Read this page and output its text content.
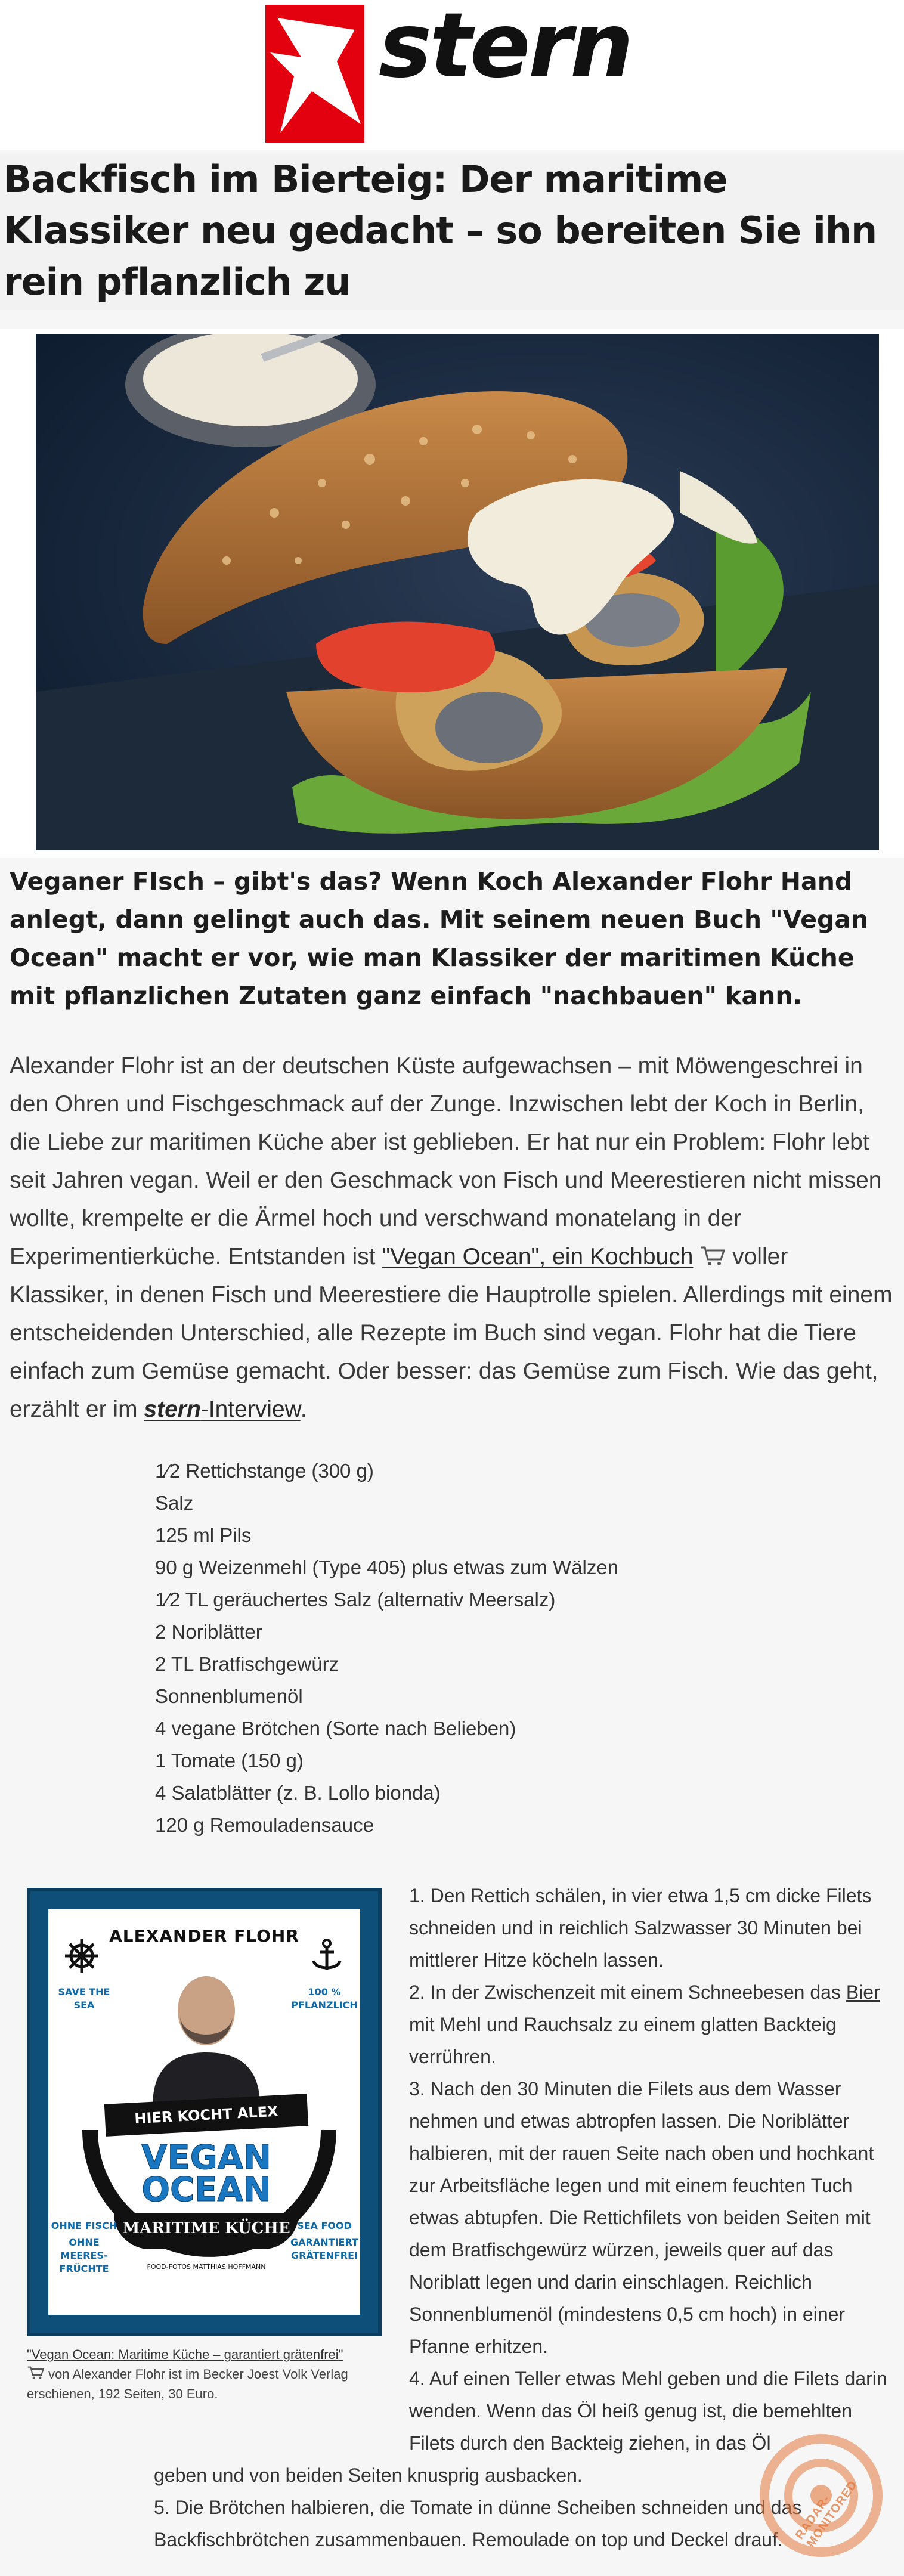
stern
Backfisch im Bierteig: Der maritime Klassiker neu gedacht – so bereiten Sie ihn rein pflanzlich zu

Veganer FIsch – gibt's das? Wenn Koch Alexander Flohr Hand anlegt, dann gelingt auch das. Mit seinem neuen Buch "Vegan Ocean" macht er vor, wie man Klassiker der maritimen Küche mit pflanzlichen Zutaten ganz einfach "nachbauen" kann.

Alexander Flohr ist an der deutschen Küste aufgewachsen – mit Möwengeschrei in den Ohren und Fischgeschmack auf der Zunge. Inzwischen lebt der Koch in Berlin, die Liebe zur maritimen Küche aber ist geblieben. Er hat nur ein Problem: Flohr lebt seit Jahren vegan. Weil er den Geschmack von Fisch und Meerestieren nicht missen wollte, krempelte er die Ärmel hoch und verschwand monatelang in der Experimentierküche. Entstanden ist "Vegan Ocean", ein Kochbuch  voller Klassiker, in denen Fisch und Meerestiere die Hauptrolle spielen. Allerdings mit einem entscheidenden Unterschied, alle Rezepte im Buch sind vegan. Flohr hat die Tiere einfach zum Gemüse gemacht. Oder besser: das Gemüse zum Fisch. Wie das geht, erzählt er im stern-Interview.

1⁄2 Rettichstange (300 g)
Salz
125 ml Pils
90 g Weizenmehl (Type 405) plus etwas zum Wälzen
1⁄2 TL geräuchertes Salz (alternativ Meersalz)
2 Noriblätter
2 TL Bratfischgewürz
Sonnenblumenöl
4 vegane Brötchen (Sorte nach Belieben)
1 Tomate (150 g)
4 Salatblätter (z. B. Lollo bionda)
120 g Remouladensauce
ALEXANDER FLOHR
SAVE THE SEA
100 % PFLANZLICH
HIER KOCHT ALEX
VEGAN OCEAN
MARITIME KÜCHE
OHNE FISCH
OHNE MEERES-FRÜCHTE
SEA FOOD
GARANTIERT GRÄTENFREI
FOOD-FOTOS MATTHIAS HOFFMANN
"Vegan Ocean: Maritime Küche – garantiert grätenfrei"
von Alexander Flohr ist im Becker Joest Volk Verlag erschienen, 192 Seiten, 30 Euro.
1. Den Rettich schälen, in vier etwa 1,5 cm dicke Filets schneiden und in reichlich Salzwasser 30 Minuten bei mittlerer Hitze köcheln lassen.
2. In der Zwischenzeit mit einem Schneebesen das Bier mit Mehl und Rauchsalz zu einem glatten Backteig verrühren.
3. Nach den 30 Minuten die Filets aus dem Wasser nehmen und etwas abtropfen lassen. Die Noriblätter halbieren, mit der rauen Seite nach oben und hochkant zur Arbeitsfläche legen und mit einem feuchten Tuch etwas abtupfen. Die Rettichfilets von beiden Seiten mit dem Bratfischgewürz würzen, jeweils quer auf das Noriblatt legen und darin einschlagen. Reichlich Sonnenblumenöl (mindestens 0,5 cm hoch) in einer Pfanne erhitzen.
4. Auf einen Teller etwas Mehl geben und die Filets darin wenden. Wenn das Öl heiß genug ist, die bemehlten Filets durch den Backteig ziehen, in das Öl
geben und von beiden Seiten knusprig ausbacken.
5. Die Brötchen halbieren, die Tomate in dünne Scheiben schneiden und das Backfischbrötchen zusammenbauen. Remoulade on top und Deckel drauf. RADAR-MONITORED
